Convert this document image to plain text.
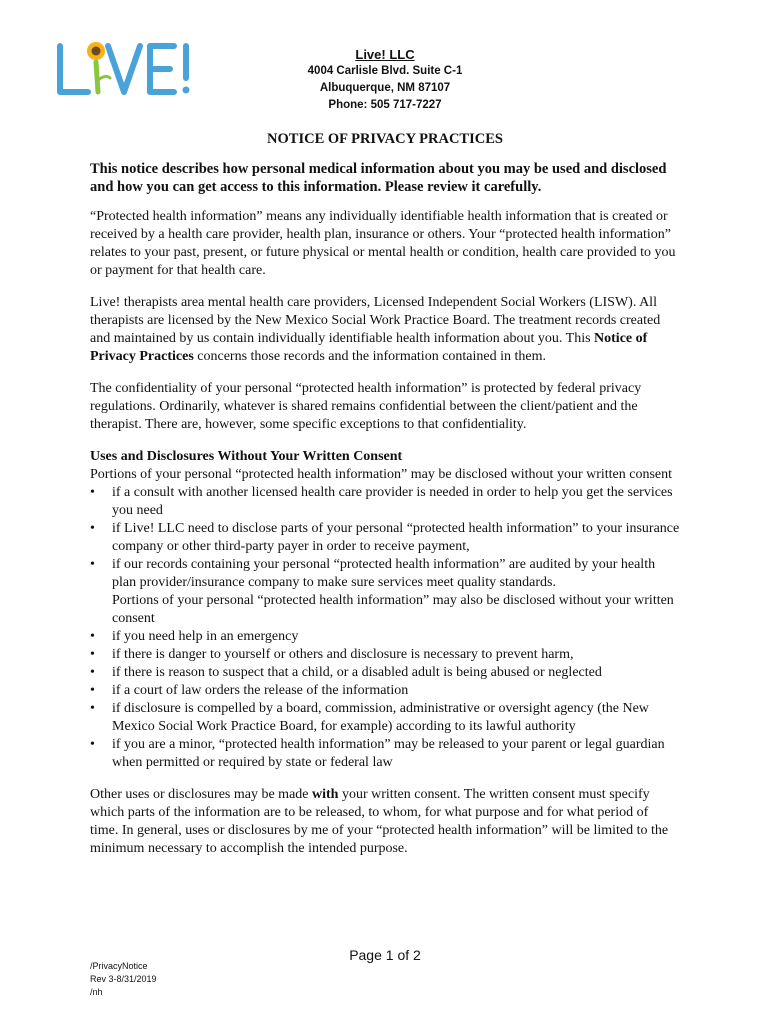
Live! LLC
4004 Carlisle Blvd. Suite C-1
Albuquerque, NM 87107
Phone: 505 717-7227
NOTICE OF PRIVACY PRACTICES
This notice describes how personal medical information about you may be used and disclosed and how you can get access to this information. Please review it carefully.

“Protected health information” means any individually identifiable health information that is created or received by a health care provider, health plan, insurance or others. Your “protected health information” relates to your past, present, or future physical or mental health or condition, health care provided to you or payment for that health care.

Live! therapists area mental health care providers, Licensed Independent Social Workers (LISW). All therapists are licensed by the New Mexico Social Work Practice Board. The treatment records created and maintained by us contain individually identifiable health information about you. This Notice of Privacy Practices concerns those records and the information contained in them.

The confidentiality of your personal “protected health information” is protected by federal privacy regulations. Ordinarily, whatever is shared remains confidential between the client/patient and the therapist. There are, however, some specific exceptions to that confidentiality.

Uses and Disclosures Without Your Written Consent
Portions of your personal “protected health information” may be disclosed without your written consent
• if a consult with another licensed health care provider is needed in order to help you get the services you need
• if Live! LLC need to disclose parts of your personal “protected health information” to your insurance company or other third-party payer in order to receive payment,
• if our records containing your personal “protected health information” are audited by your health plan provider/insurance company to make sure services meet quality standards.
Portions of your personal “protected health information” may also be disclosed without your written consent
• if you need help in an emergency
• if there is danger to yourself or others and disclosure is necessary to prevent harm,
• if there is reason to suspect that a child, or a disabled adult is being abused or neglected
• if a court of law orders the release of the information
• if disclosure is compelled by a board, commission, administrative or oversight agency (the New Mexico Social Work Practice Board, for example) according to its lawful authority
• if you are a minor, “protected health information” may be released to your parent or legal guardian when permitted or required by state or federal law

Other uses or disclosures may be made with your written consent. The written consent must specify which parts of the information are to be released, to whom, for what purpose and for what period of time. In general, uses or disclosures by me of your “protected health information” will be limited to the minimum necessary to accomplish the intended purpose.

Page 1 of 2
/PrivacyNotice
Rev 3-8/31/2019
/nh
